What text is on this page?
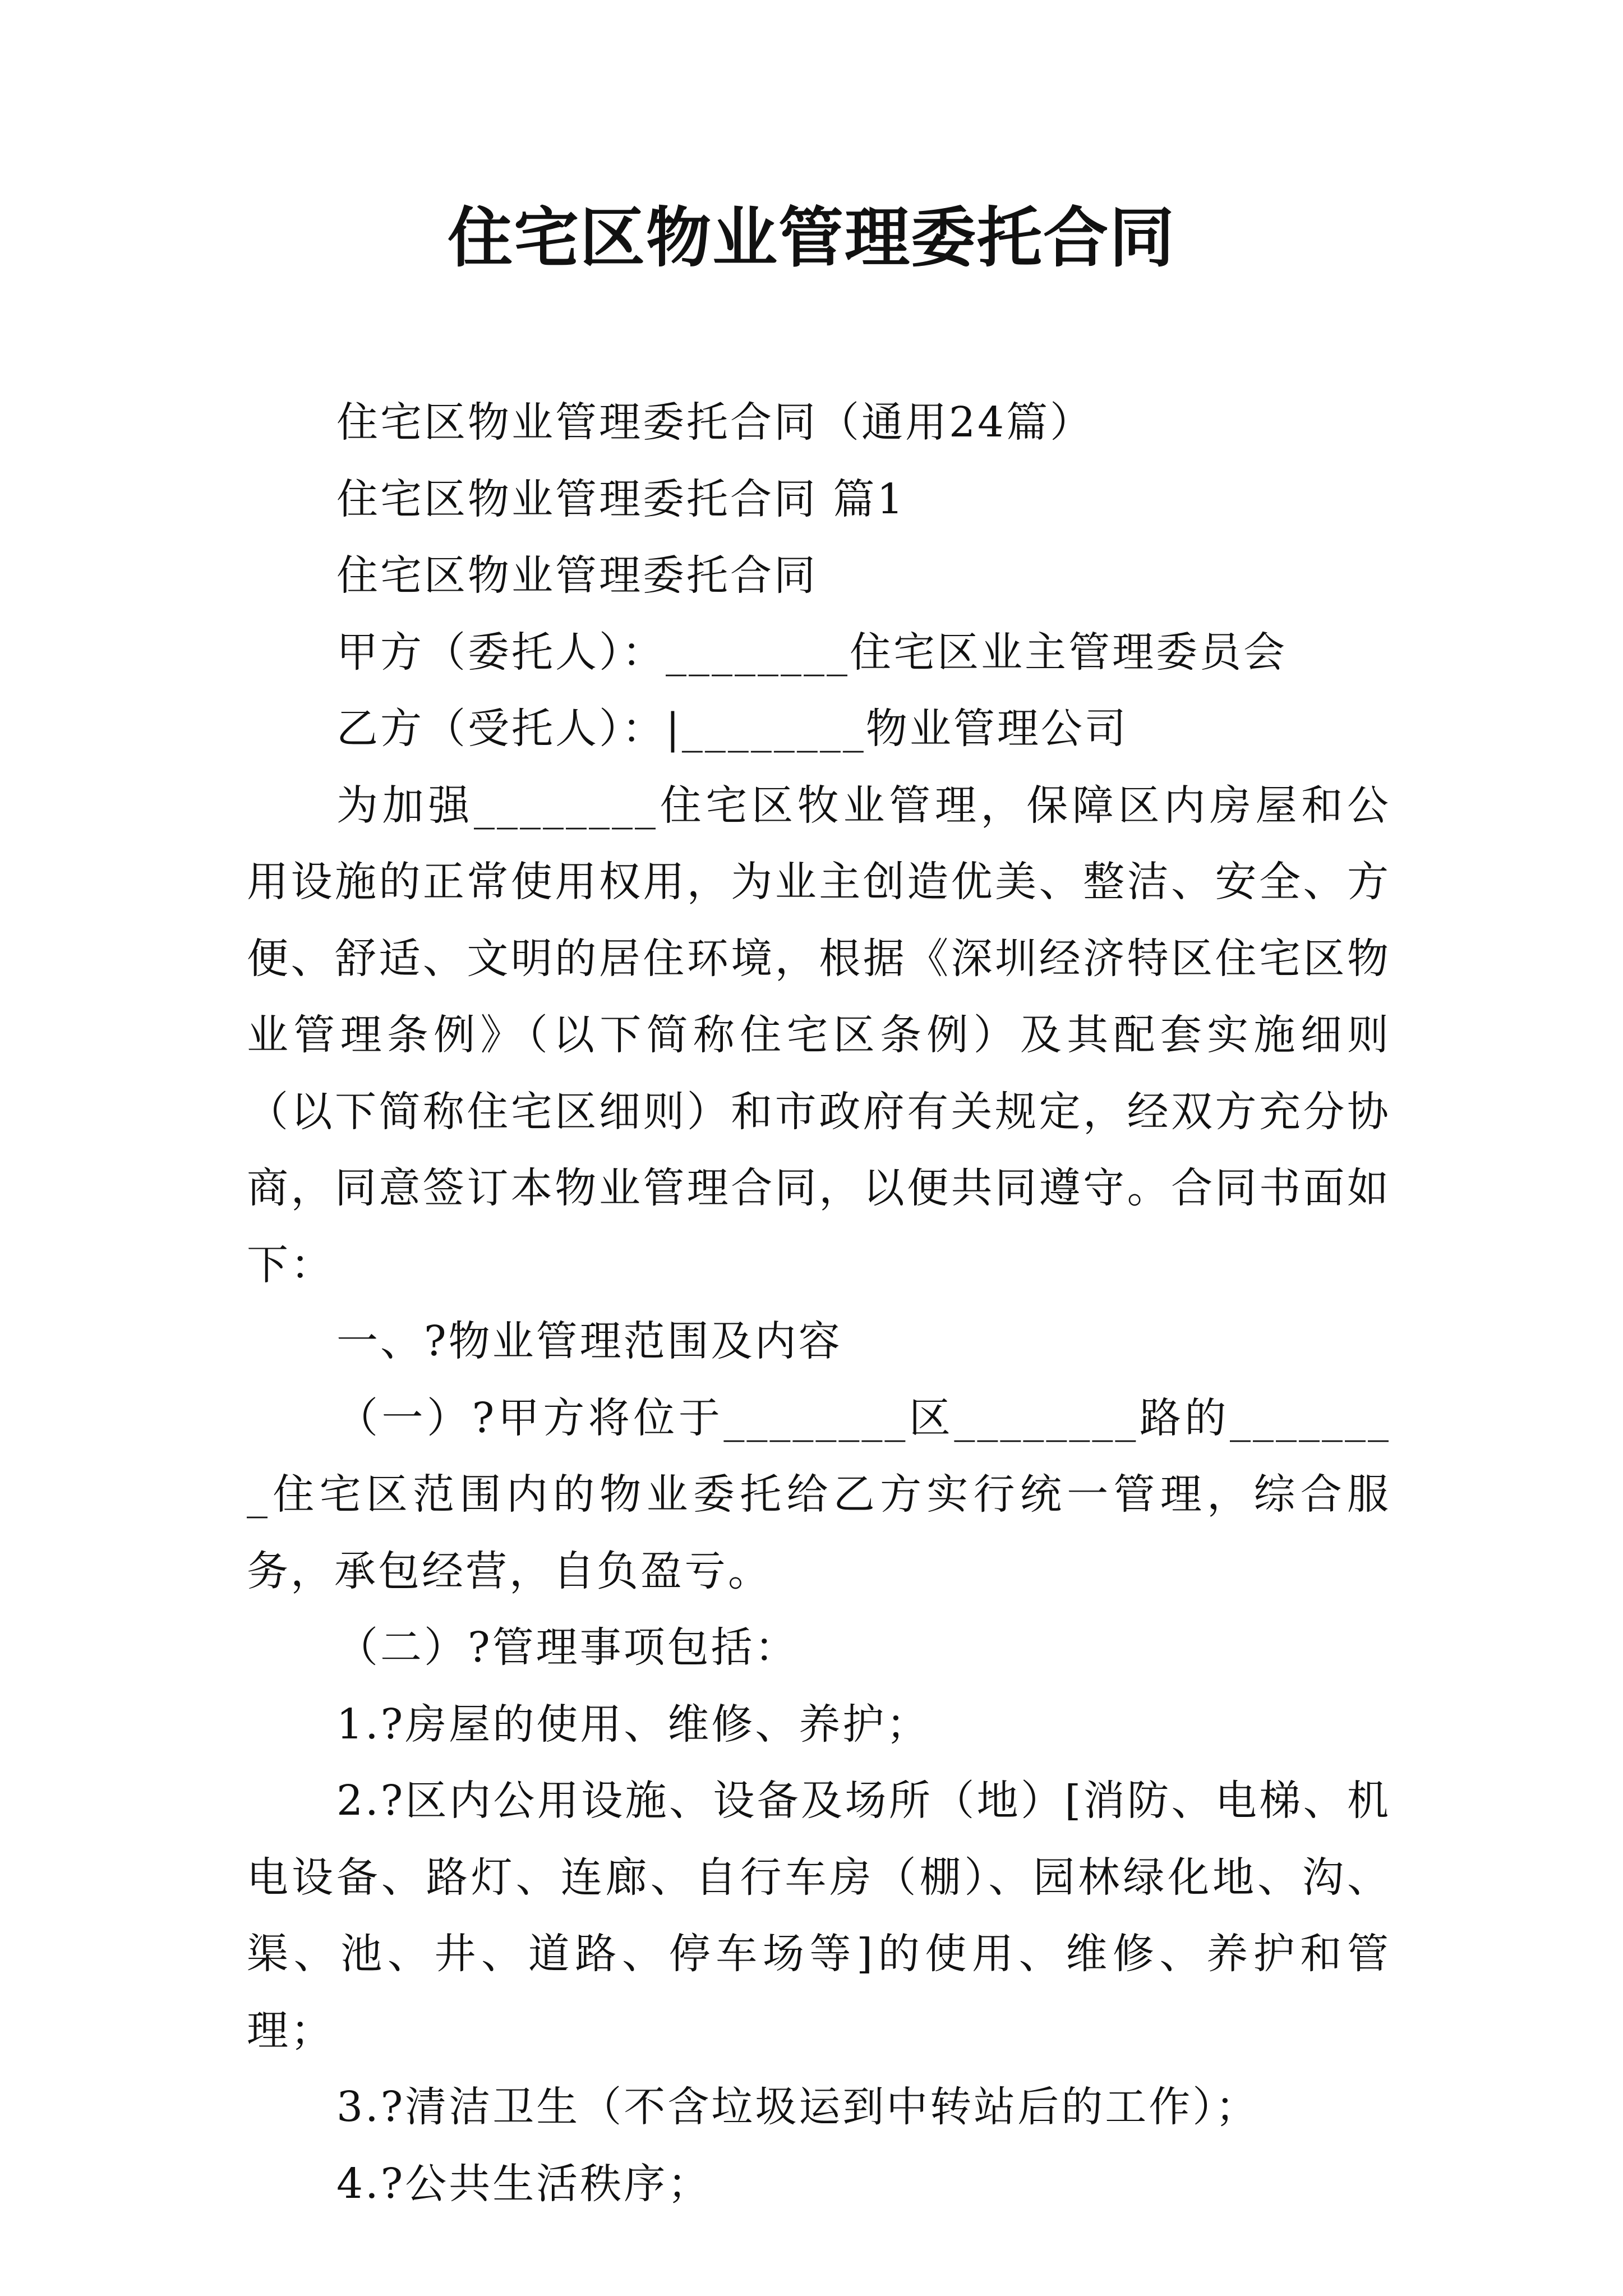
住宅区物业管理委托合同

住宅区物业管理委托合同（通用24篇）

住宅区物业管理委托合同 篇1

住宅区物业管理委托合同

甲方（委托人）：________住宅区业主管理委员会

乙方（受托人）：|________物业管理公司

为加强________住宅区牧业管理，保障区内房屋和公用设施的正常使用权用，为业主创造优美、整洁、安全、方便、舒适、文明的居住环境，根据《深圳经济特区住宅区物业管理条例》（以下简称住宅区条例）及其配套实施细则（以下简称住宅区细则）和市政府有关规定，经双方充分协商，同意签订本物业管理合同，以便共同遵守。合同书面如下：

一、?物业管理范围及内容

（一）?甲方将位于________区________路的________住宅区范围内的物业委托给乙方实行统一管理，综合服务，承包经营，自负盈亏。

（二）?管理事项包括：

1.?房屋的使用、维修、养护；

2.?区内公用设施、设备及场所（地）[消防、电梯、机电设备、路灯、连廊、自行车房（棚）、园林绿化地、沟、渠、池、井、道路、停车场等]的使用、维修、养护和管理；

3.?清洁卫生（不含垃圾运到中转站后的工作）；

4.?公共生活秩序；
